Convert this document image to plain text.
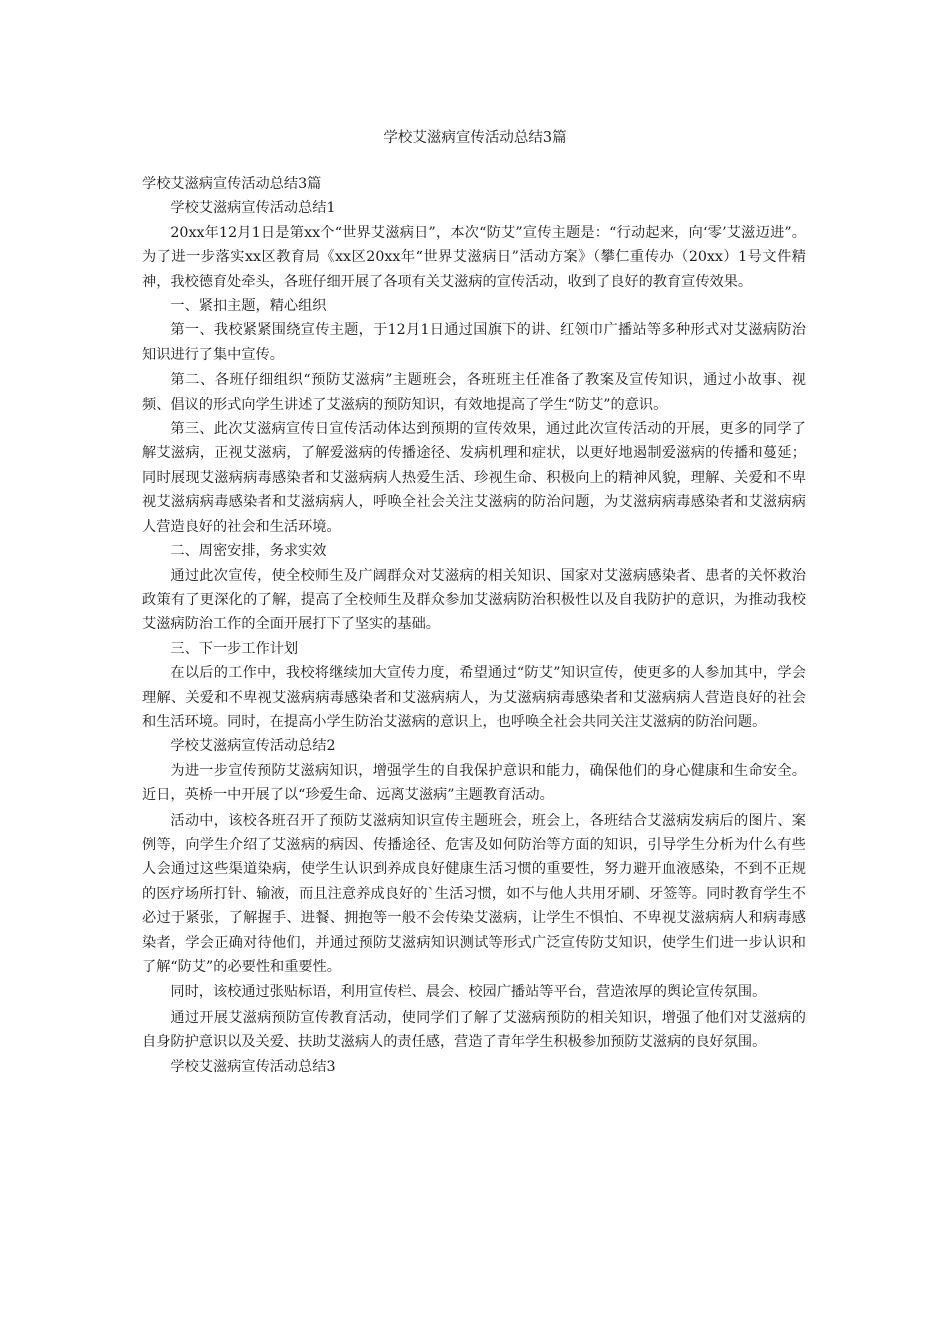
学校艾滋病宣传活动总结3篇

学校艾滋病宣传活动总结3篇

学校艾滋病宣传活动总结1

20xx年12月1日是第xx个“世界艾滋病日”，本次“防艾”宣传主题是：“行动起来，向‘零’艾滋迈进”。为了进一步落实xx区教育局《xx区20xx年“世界艾滋病日”活动方案》（攀仁重传办（20xx）1号文件精神，我校德育处牵头，各班仔细开展了各项有关艾滋病的宣传活动，收到了良好的教育宣传效果。

一、紧扣主题，精心组织

第一、我校紧紧围绕宣传主题，于12月1日通过国旗下的讲、红领巾广播站等多种形式对艾滋病防治知识进行了集中宣传。

第二、各班仔细组织“预防艾滋病”主题班会，各班班主任准备了教案及宣传知识，通过小故事、视频、倡议的形式向学生讲述了艾滋病的预防知识，有效地提高了学生“防艾”的意识。

第三、此次艾滋病宣传日宣传活动体达到预期的宣传效果，通过此次宣传活动的开展，更多的同学了解艾滋病，正视艾滋病，了解爱滋病的传播途径、发病机理和症状，以更好地遏制爱滋病的传播和蔓延；同时展现艾滋病病毒感染者和艾滋病病人热爱生活、珍视生命、积极向上的精神风貌，理解、关爱和不卑视艾滋病病毒感染者和艾滋病病人，呼唤全社会关注艾滋病的防治问题，为艾滋病病毒感染者和艾滋病病人营造良好的社会和生活环境。

二、周密安排，务求实效

通过此次宣传，使全校师生及广阔群众对艾滋病的相关知识、国家对艾滋病感染者、患者的关怀救治政策有了更深化的了解，提高了全校师生及群众参加艾滋病防治积极性以及自我防护的意识，为推动我校艾滋病防治工作的全面开展打下了坚实的基础。

三、下一步工作计划

在以后的工作中，我校将继续加大宣传力度，希望通过“防艾”知识宣传，使更多的人参加其中，学会理解、关爱和不卑视艾滋病病毒感染者和艾滋病病人，为艾滋病病毒感染者和艾滋病病人营造良好的社会和生活环境。同时，在提高小学生防治艾滋病的意识上，也呼唤全社会共同关注艾滋病的防治问题。

学校艾滋病宣传活动总结2

为进一步宣传预防艾滋病知识，增强学生的自我保护意识和能力，确保他们的身心健康和生命安全。近日，英桥一中开展了以“珍爱生命、远离艾滋病”主题教育活动。

活动中，该校各班召开了预防艾滋病知识宣传主题班会，班会上，各班结合艾滋病发病后的图片、案例等，向学生介绍了艾滋病的病因、传播途径、危害及如何防治等方面的知识，引导学生分析为什么有些人会通过这些渠道染病，使学生认识到养成良好健康生活习惯的重要性，努力避开血液感染，不到不正规的医疗场所打针、输液，而且注意养成良好的`生活习惯，如不与他人共用牙刷、牙签等。同时教育学生不必过于紧张，了解握手、进餐、拥抱等一般不会传染艾滋病，让学生不惧怕、不卑视艾滋病病人和病毒感染者，学会正确对待他们，并通过预防艾滋病知识测试等形式广泛宣传防艾知识，使学生们进一步认识和了解“防艾”的必要性和重要性。

同时，该校通过张贴标语，利用宣传栏、晨会、校园广播站等平台，营造浓厚的舆论宣传氛围。

通过开展艾滋病预防宣传教育活动，使同学们了解了艾滋病预防的相关知识，增强了他们对艾滋病的自身防护意识以及关爱、扶助艾滋病人的责任感，营造了青年学生积极参加预防艾滋病的良好氛围。

学校艾滋病宣传活动总结3
